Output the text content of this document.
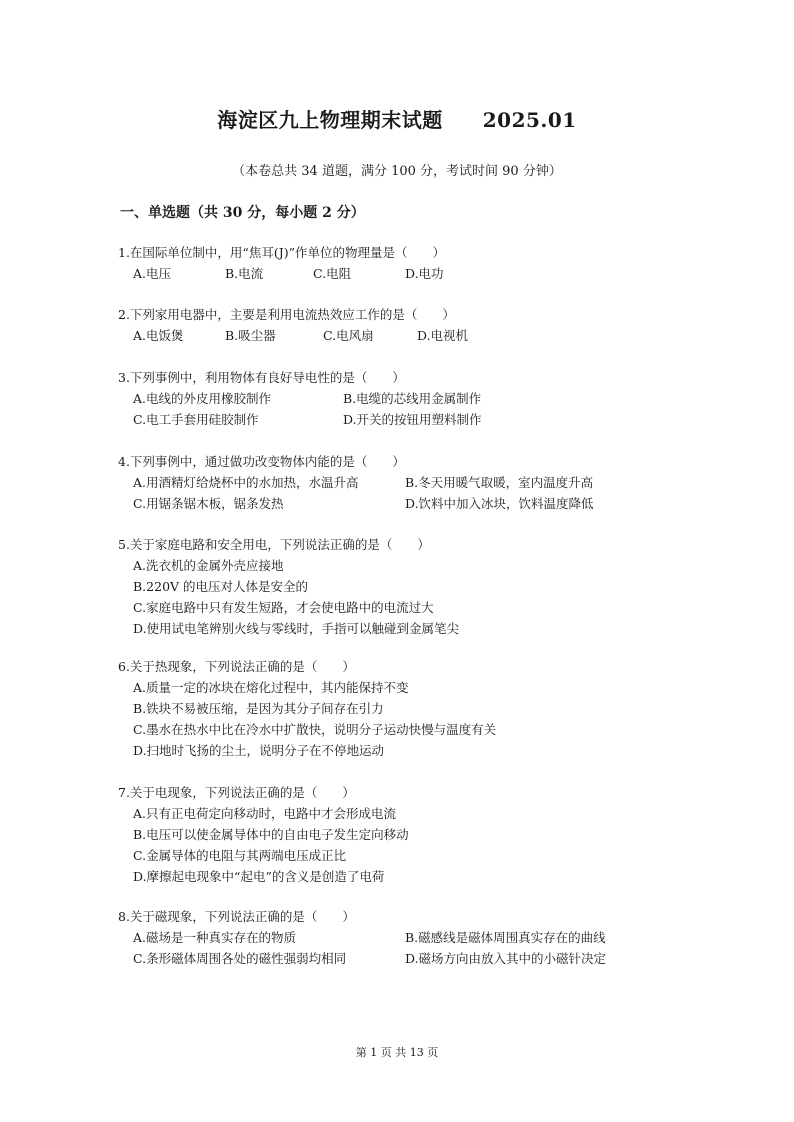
海淀区九上物理期末试题 2025.01
（本卷总共 34 道题，满分 100 分，考试时间 90 分钟）
一、单选题（共 30 分，每小题 2 分）
1.在国际单位制中，用“焦耳(J)”作单位的物理量是（　　）
A.电压	B.电流	C.电阻	D.电功
2.下列家用电器中，主要是利用电流热效应工作的是（　　）
A.电饭煲	B.吸尘器	C.电风扇	D.电视机
3.下列事例中，利用物体有良好导电性的是（　　）
A.电线的外皮用橡胶制作	B.电缆的芯线用金属制作
C.电工手套用硅胶制作	D.开关的按钮用塑料制作
4.下列事例中，通过做功改变物体内能的是（　　）
A.用酒精灯给烧杯中的水加热，水温升高	B.冬天用暖气取暖，室内温度升高
C.用锯条锯木板，锯条发热	D.饮料中加入冰块，饮料温度降低
5.关于家庭电路和安全用电，下列说法正确的是（　　）
A.洗衣机的金属外壳应接地
B.220V 的电压对人体是安全的
C.家庭电路中只有发生短路，才会使电路中的电流过大
D.使用试电笔辨别火线与零线时，手指可以触碰到金属笔尖
6.关于热现象，下列说法正确的是（　　）
A.质量一定的冰块在熔化过程中，其内能保持不变
B.铁块不易被压缩，是因为其分子间存在引力
C.墨水在热水中比在冷水中扩散快，说明分子运动快慢与温度有关
D.扫地时飞扬的尘土，说明分子在不停地运动
7.关于电现象，下列说法正确的是（　　）
A.只有正电荷定向移动时，电路中才会形成电流
B.电压可以使金属导体中的自由电子发生定向移动
C.金属导体的电阻与其两端电压成正比
D.摩擦起电现象中“起电”的含义是创造了电荷
8.关于磁现象，下列说法正确的是（　　）
A.磁场是一种真实存在的物质	B.磁感线是磁体周围真实存在的曲线
C.条形磁体周围各处的磁性强弱均相同	D.磁场方向由放入其中的小磁针决定
第 1 页 共 13 页
